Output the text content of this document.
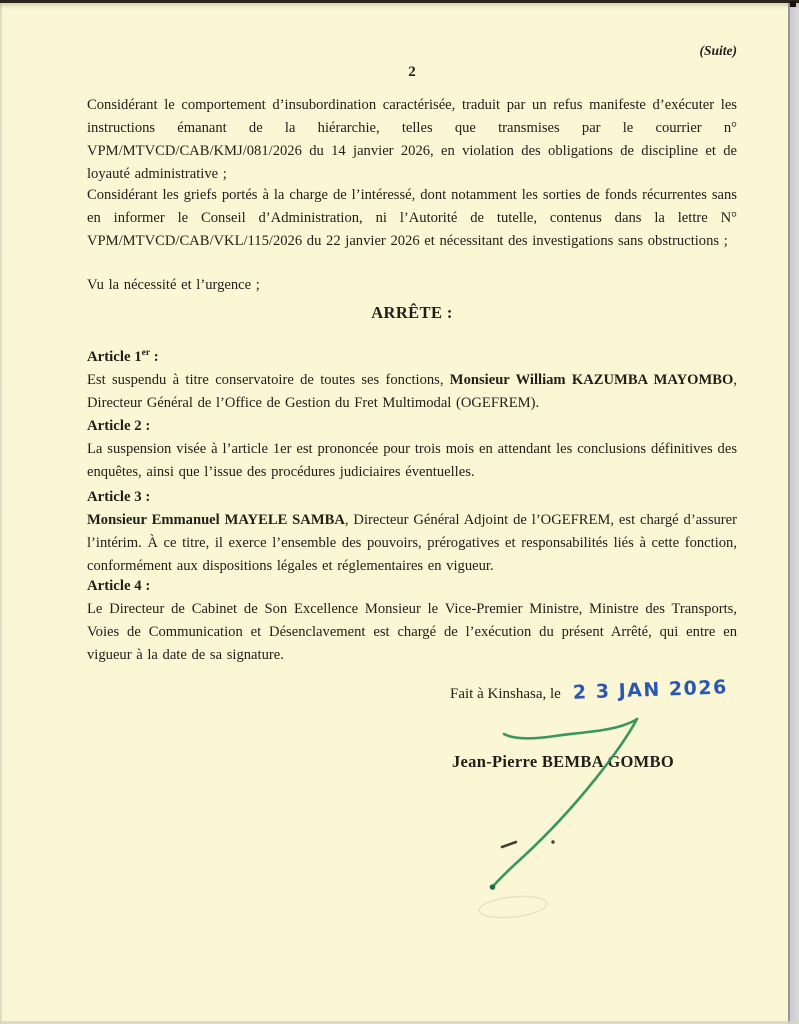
(Suite)
2

Considérant le comportement d’insubordination caractérisée, traduit par un refus manifeste d’exécuter les instructions émanant de la hiérarchie, telles que transmises par le courrier n° VPM/MTVCD/CAB/KMJ/081/2026 du 14 janvier 2026, en violation des obligations de discipline et de loyauté administrative ;

Considérant les griefs portés à la charge de l’intéressé, dont notamment les sorties de fonds récurrentes sans en informer le Conseil d’Administration, ni l’Autorité de tutelle, contenus dans la lettre N° VPM/MTVCD/CAB/VKL/115/2026 du 22 janvier 2026 et nécessitant des investigations sans obstructions ;

Vu la nécessité et l’urgence ;

ARRÊTE :
Article 1er :

Est suspendu à titre conservatoire de toutes ses fonctions, Monsieur William KAZUMBA MAYOMBO, Directeur Général de l’Office de Gestion du Fret Multimodal (OGEFREM).

Article 2 :

La suspension visée à l’article 1er est prononcée pour trois mois en attendant les conclusions définitives des enquêtes, ainsi que l’issue des procédures judiciaires éventuelles.

Article 3 :

Monsieur Emmanuel MAYELE SAMBA, Directeur Général Adjoint de l’OGEFREM, est chargé d’assurer l’intérim. À ce titre, il exerce l’ensemble des pouvoirs, prérogatives et responsabilités liés à cette fonction, conformément aux dispositions légales et réglementaires en vigueur.

Article 4 :

Le Directeur de Cabinet de Son Excellence Monsieur le Vice-Premier Ministre, Ministre des Transports, Voies de Communication et Désenclavement est chargé de l’exécution du présent Arrêté, qui entre en vigueur à la date de sa signature.

Fait à Kinshasa, le 2 3 JAN 2026
Jean-Pierre BEMBA GOMBO
